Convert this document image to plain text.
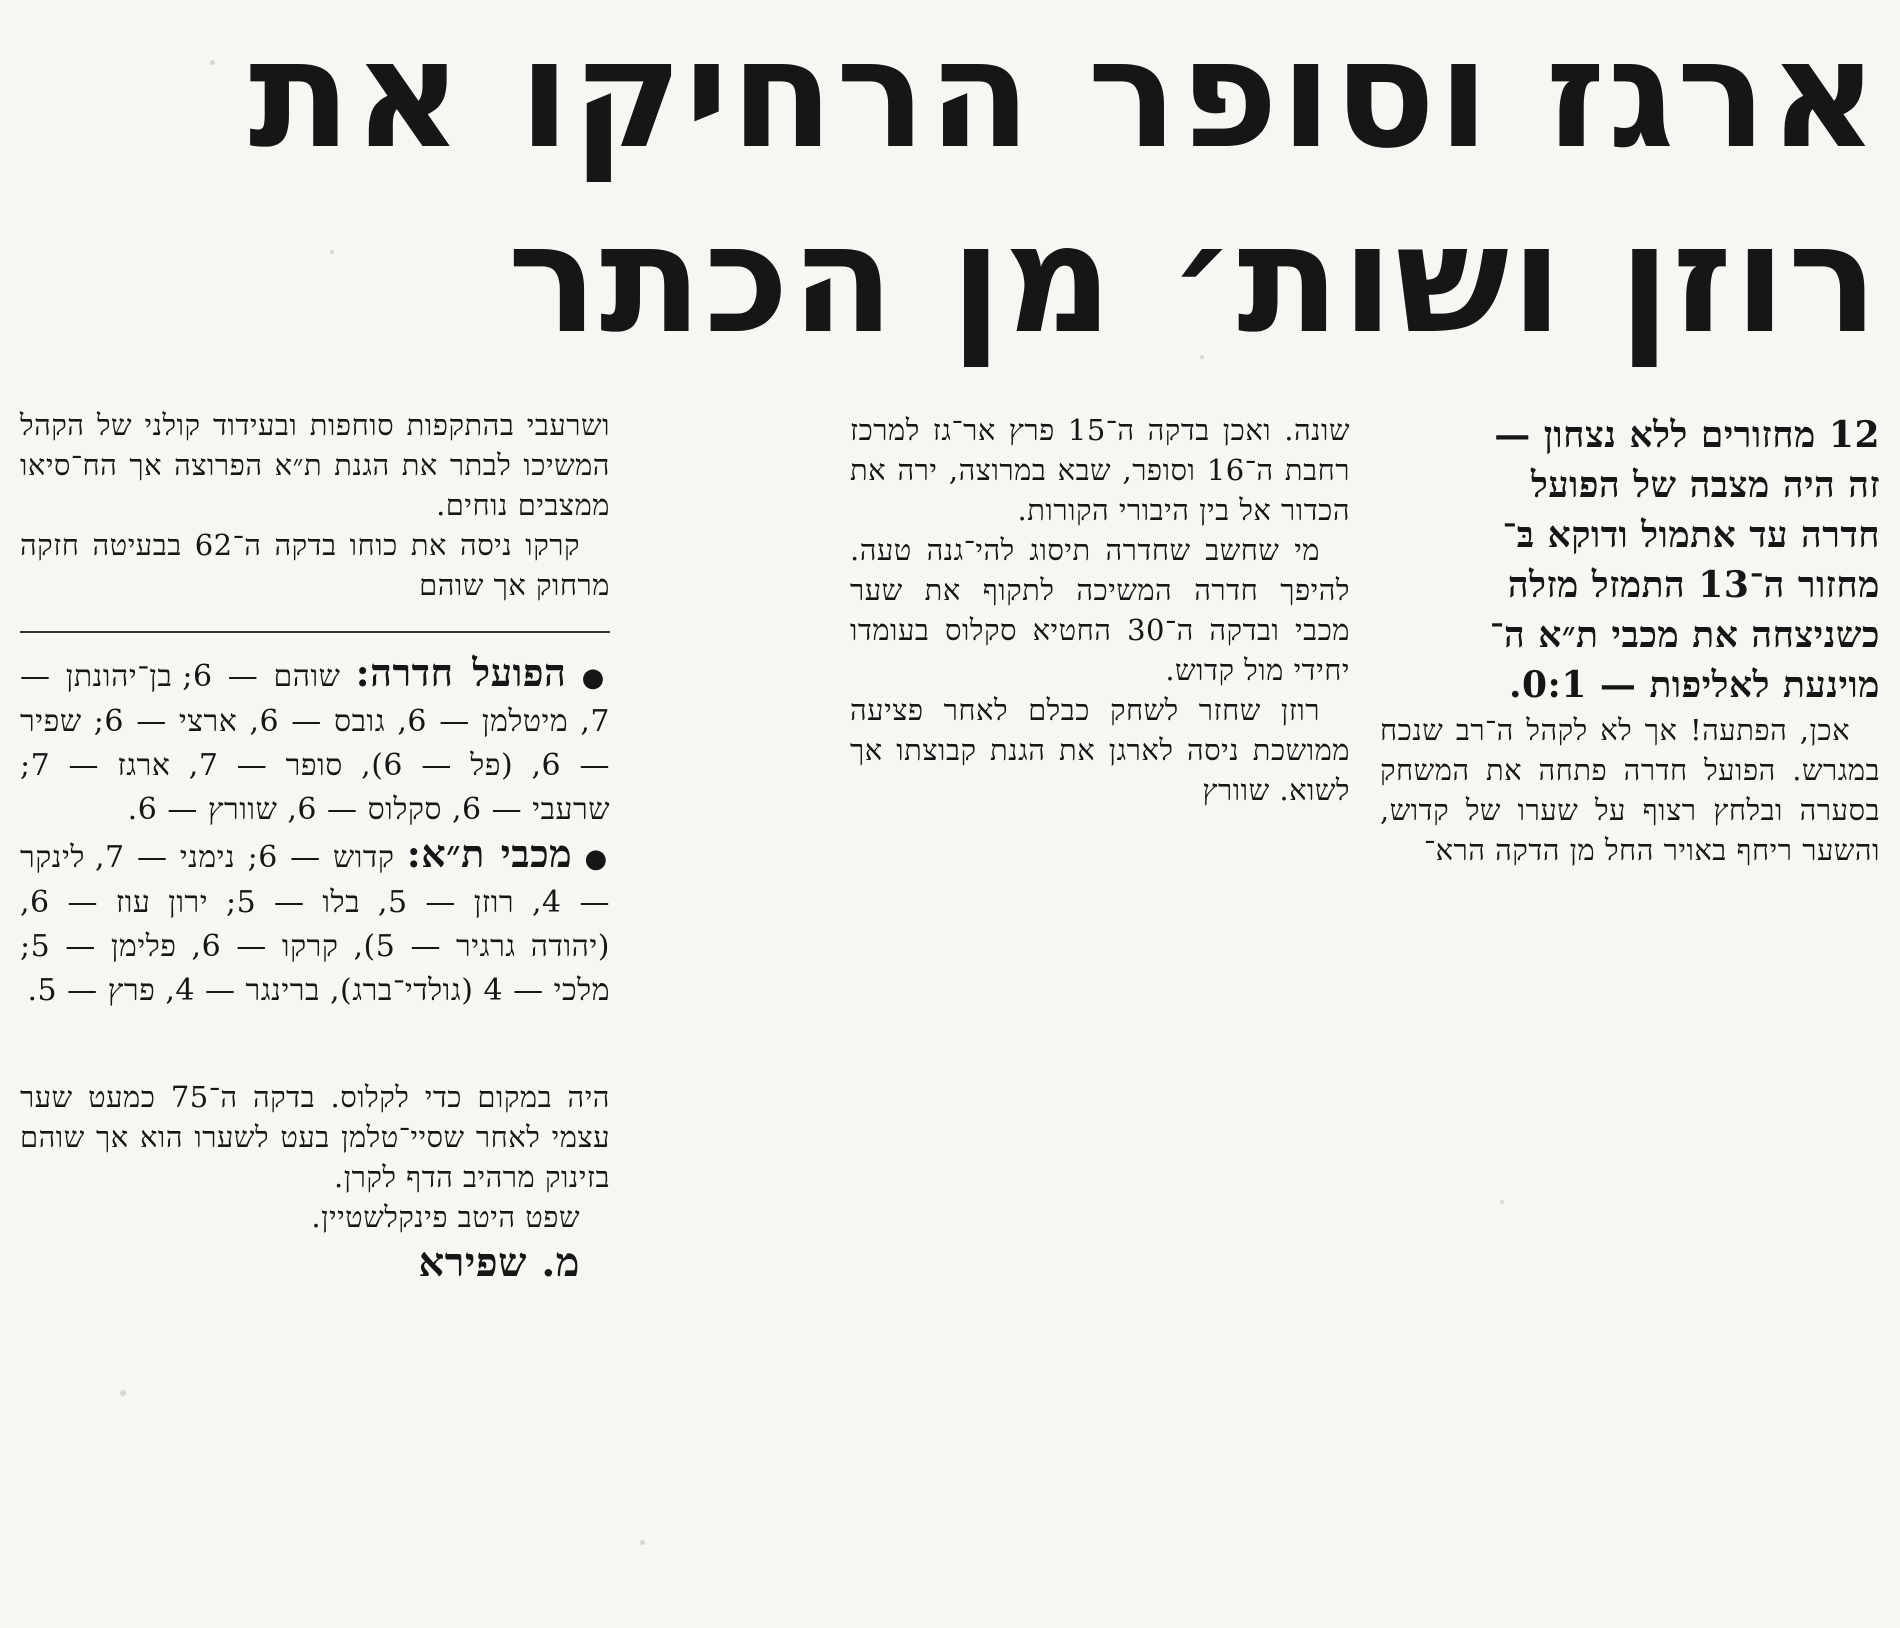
ארגז וסופר הרחיקו את
רוזן ושות׳ מן הכתר

12 מחזורים ללא נצחון —

זה היה מצבה של הפועל

חדרה עד אתמול ודוקא בּ־

מחזור ה־13 התמזל מזלה

כשניצחה את מכבי ת״א ה־

מוינעת לאליפות — 0:1.

אכן, הפתעה! אך לא לקהל ה־רב שנכח במגרש. הפועל חדרה פתחה את המשחק בסערה ובלחץ רצוף על שערו של קדוש, והשער ריחף באויר החל מן הדקה הרא־

שונה. ואכן בדקה ה־15 פרץ אר־גז למרכז רחבת ה־16 וסופר, שבא במרוצה, ירה את הכדור אל בין היבורי הקורות.

מי שחשב שחדרה תיסוג להי־גנה טעה. להיפך חדרה המשיכה לתקוף את שער מכבי ובדקה ה־30 החטיא סקלוס בעומדו יחידי מול קדוש.

רוזן שחזר לשחק כבלם לאחר פציעה ממושכת ניסה לארגן את הגנת קבוצתו אך לשוא. שוורץ

ושרעבי בהתקפות סוחפות ובעידוד קולני של הקהל המשיכו לבתר את הגנת ת״א הפרוצה אך הח־סיאו ממצבים נוחים.

קרקו ניסה את כוחו בדקה ה־62 בבעיטה חזקה מרחוק אך שוהם

● הפועל חדרה: שוהם — 6; בן־יהונתן — 7, מיטלמן — 6, גובס — 6, ארצי — 6; שפיר — 6, (פל — 6), סופר — 7, ארגז — 7; שרעבי — 6, סקלוס — 6, שוורץ — 6.

● מכבי ת״א: קדוש — 6; נימני — 7, לינקר — 4, רוזן — 5, בלו — 5; ירון עוז — 6, (יהודה גרגיר — 5), קרקו — 6, פלימן — 5; מלכי — 4 (גולדי־ברג), ברינגר — 4, פרץ — 5.

היה במקום כדי לקלוס. בדקה ה־75 כמעט שער עצמי לאחר שסיי־טלמן בעט לשערו הוא אך שוהם בזינוק מרהיב הדף לקרן.

שפט היטב פינקלשטיין.

מ. שפירא
